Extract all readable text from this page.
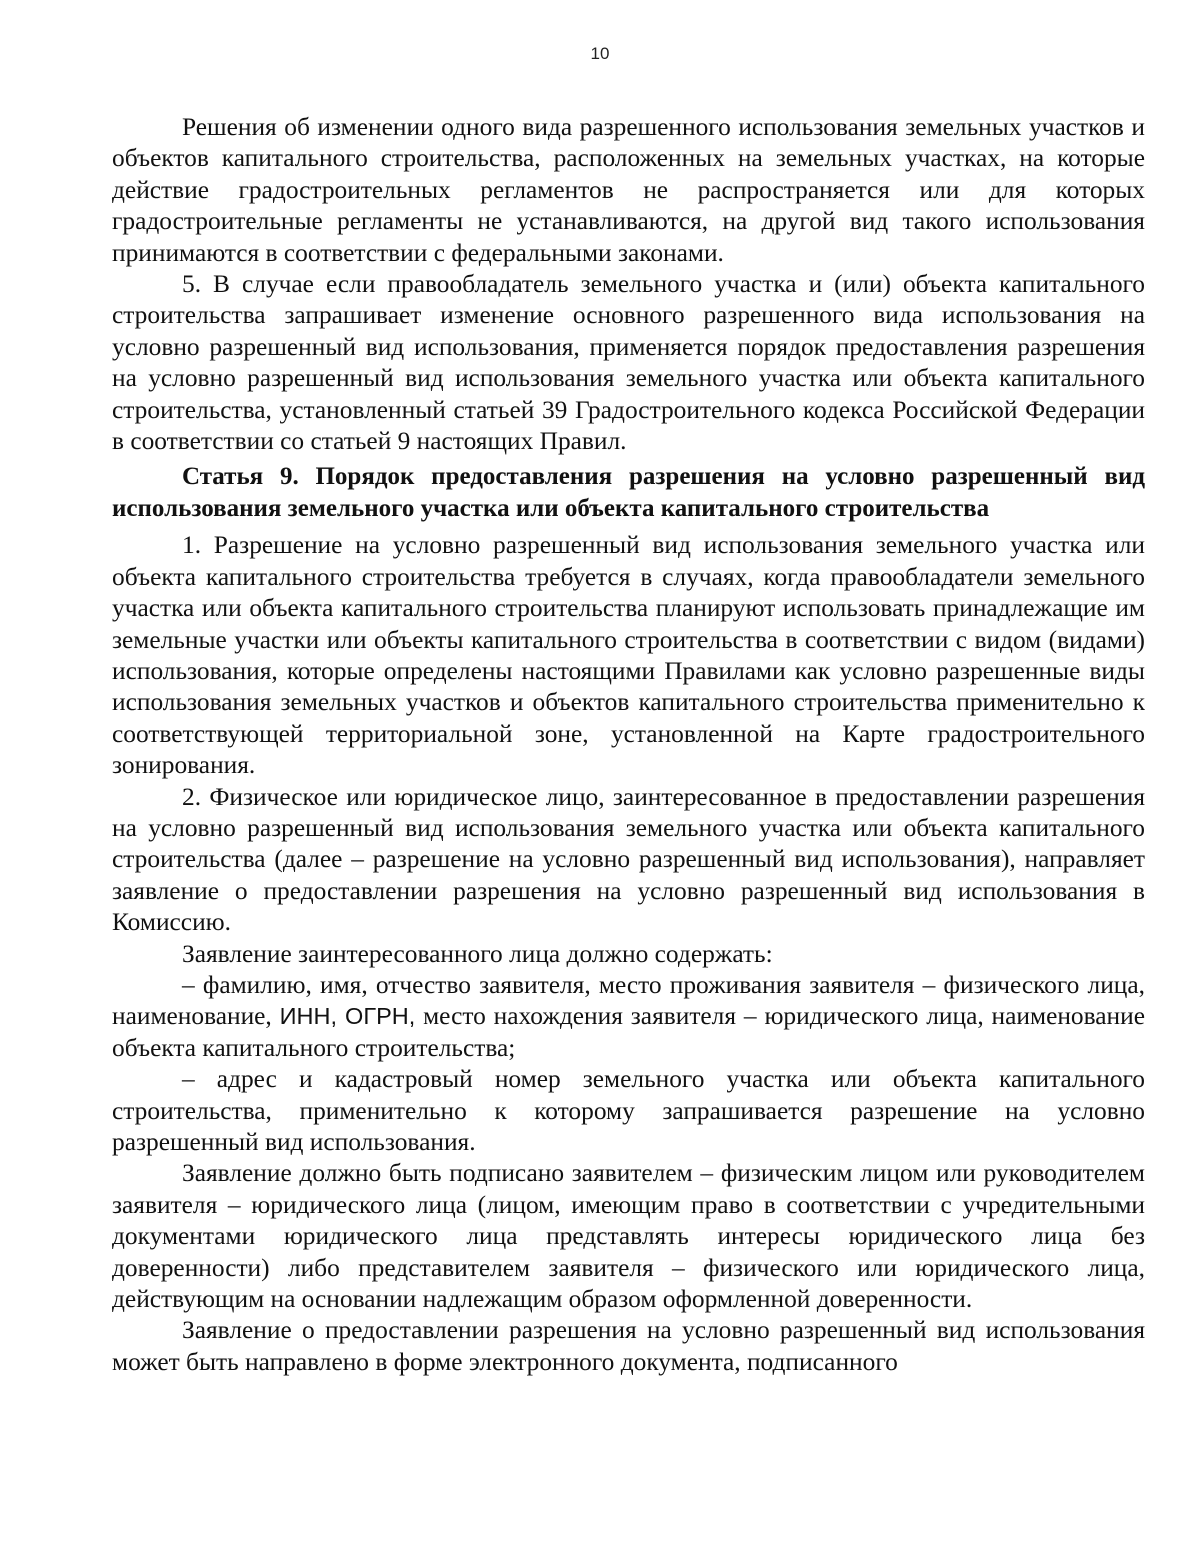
10

Решения об изменении одного вида разрешенного использования земельных участков и объектов капитального строительства, расположенных на земельных участках, на которые действие градостроительных регламентов не распространяется или для которых градостроительные регламенты не устанавливаются, на другой вид такого использования принимаются в соответствии с федеральными законами.

5. В случае если правообладатель земельного участка и (или) объекта капитального строительства запрашивает изменение основного разрешенного вида использования на условно разрешенный вид использования, применяется порядок предоставления разрешения на условно разрешенный вид использования земельного участка или объекта капитального строительства, установленный статьей 39 Градостроительного кодекса Российской Федерации в соответствии со статьей 9 настоящих Правил.

Статья 9. Порядок предоставления разрешения на условно разрешенный вид использования земельного участка или объекта капитального строительства

1. Разрешение на условно разрешенный вид использования земельного участка или объекта капитального строительства требуется в случаях, когда правообладатели земельного участка или объекта капитального строительства планируют использовать принадлежащие им земельные участки или объекты капитального строительства в соответствии с видом (видами) использования, которые определены настоящими Правилами как условно разрешенные виды использования земельных участков и объектов капитального строительства применительно к соответствующей территориальной зоне, установленной на Карте градостроительного зонирования.

2. Физическое или юридическое лицо, заинтересованное в предоставлении разрешения на условно разрешенный вид использования земельного участка или объекта капитального строительства (далее – разрешение на условно разрешенный вид использования), направляет заявление о предоставлении разрешения на условно разрешенный вид использования в Комиссию.

Заявление заинтересованного лица должно содержать:

– фамилию, имя, отчество заявителя, место проживания заявителя – физического лица, наименование, ИНН, ОГРН, место нахождения заявителя – юридического лица, наименование объекта капитального строительства;

– адрес и кадастровый номер земельного участка или объекта капитального строительства, применительно к которому запрашивается разрешение на условно разрешенный вид использования.

Заявление должно быть подписано заявителем – физическим лицом или руководителем заявителя – юридического лица (лицом, имеющим право в соответствии с учредительными документами юридического лица представлять интересы юридического лица без доверенности) либо представителем заявителя – физического или юридического лица, действующим на основании надлежащим образом оформленной доверенности.

Заявление о предоставлении разрешения на условно разрешенный вид использования может быть направлено в форме электронного документа, подписанного
